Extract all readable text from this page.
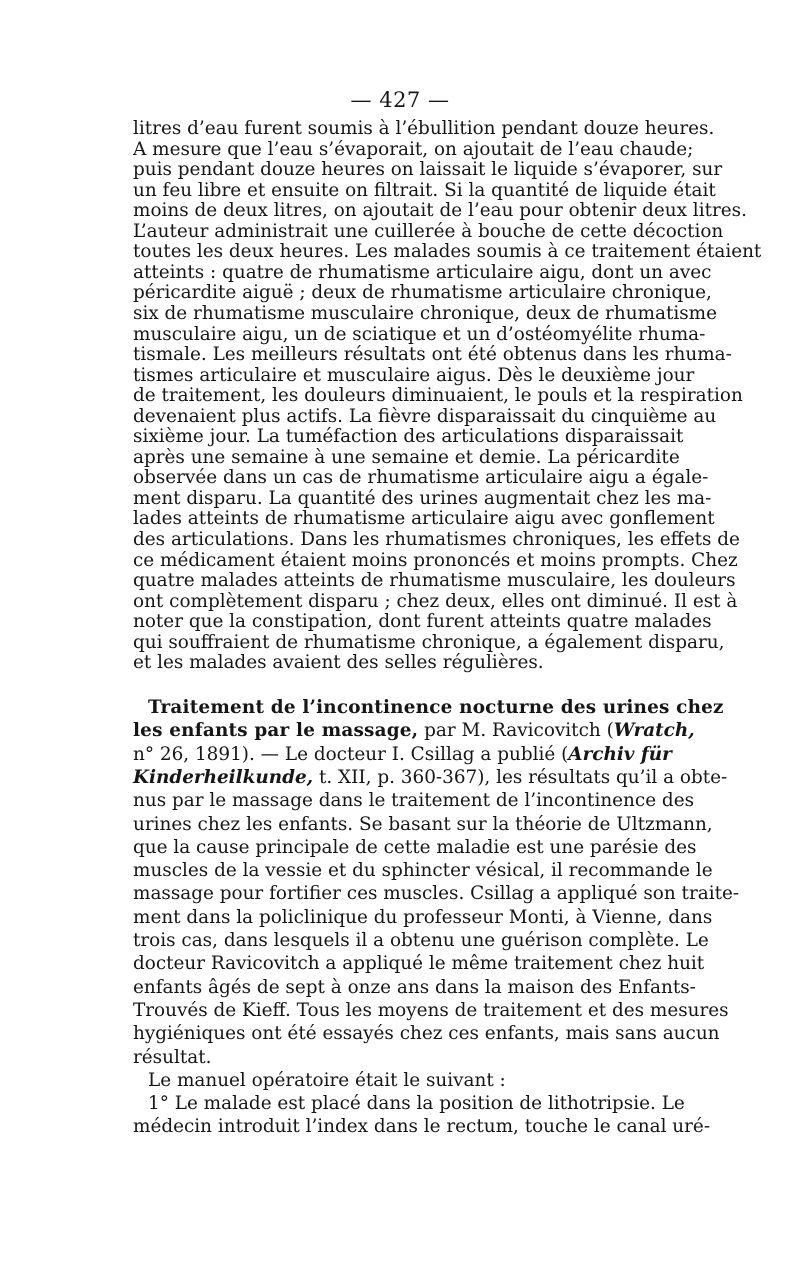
— 427 —
litres d’eau furent soumis à l’ébullition pendant douze heures.
A mesure que l’eau s’évaporait, on ajoutait de l’eau chaude;
puis pendant douze heures on laissait le liquide s’évaporer, sur
un feu libre et ensuite on filtrait. Si la quantité de liquide était
moins de deux litres, on ajoutait de l’eau pour obtenir deux litres.
L’auteur administrait une cuillerée à bouche de cette décoction
toutes les deux heures. Les malades soumis à ce traitement étaient
atteints : quatre de rhumatisme articulaire aigu, dont un avec
péricardite aiguë ; deux de rhumatisme articulaire chronique,
six de rhumatisme musculaire chronique, deux de rhumatisme
musculaire aigu, un de sciatique et un d’ostéomyélite rhuma-
tismale. Les meilleurs résultats ont été obtenus dans les rhuma-
tismes articulaire et musculaire aigus. Dès le deuxième jour
de traitement, les douleurs diminuaient, le pouls et la respiration
devenaient plus actifs. La fièvre disparaissait du cinquième au
sixième jour. La tuméfaction des articulations disparaissait
après une semaine à une semaine et demie. La péricardite
observée dans un cas de rhumatisme articulaire aigu a égale-
ment disparu. La quantité des urines augmentait chez les ma-
lades atteints de rhumatisme articulaire aigu avec gonflement
des articulations. Dans les rhumatismes chroniques, les effets de
ce médicament étaient moins prononcés et moins prompts. Chez
quatre malades atteints de rhumatisme musculaire, les douleurs
ont complètement disparu ; chez deux, elles ont diminué. Il est à
noter que la constipation, dont furent atteints quatre malades
qui souffraient de rhumatisme chronique, a également disparu,
et les malades avaient des selles régulières.
Traitement de l’incontinence nocturne des urines chez
les enfants par le massage, par M. Ravicovitch (Wratch,
n° 26, 1891). — Le docteur I. Csillag a publié (Archiv für
Kinderheilkunde, t. XII, p. 360-367), les résultats qu’il a obte-
nus par le massage dans le traitement de l’incontinence des
urines chez les enfants. Se basant sur la théorie de Ultzmann,
que la cause principale de cette maladie est une parésie des
muscles de la vessie et du sphincter vésical, il recommande le
massage pour fortifier ces muscles. Csillag a appliqué son traite-
ment dans la policlinique du professeur Monti, à Vienne, dans
trois cas, dans lesquels il a obtenu une guérison complète. Le
docteur Ravicovitch a appliqué le même traitement chez huit
enfants âgés de sept à onze ans dans la maison des Enfants-
Trouvés de Kieff. Tous les moyens de traitement et des mesures
hygiéniques ont été essayés chez ces enfants, mais sans aucun
résultat.
Le manuel opératoire était le suivant :
1° Le malade est placé dans la position de lithotripsie. Le
médecin introduit l’index dans le rectum, touche le canal uré-
